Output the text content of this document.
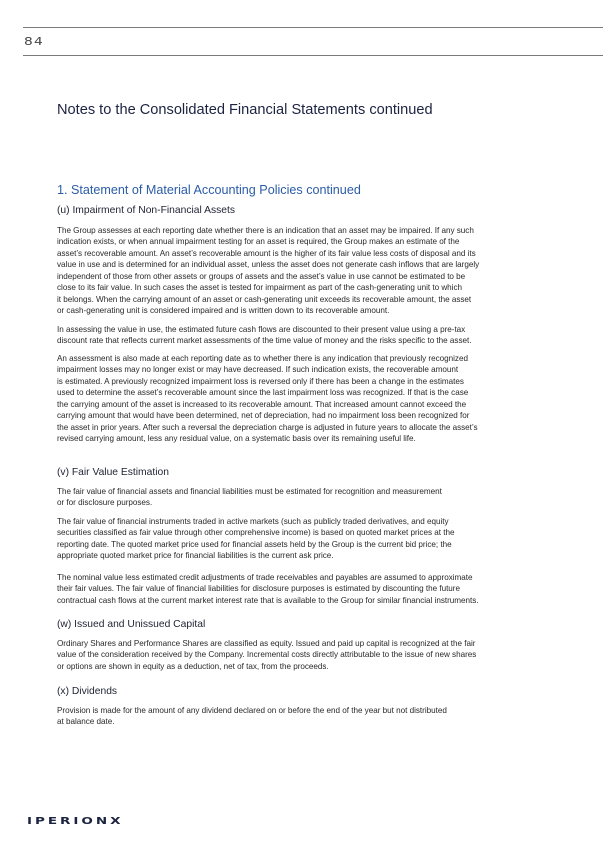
84
Notes to the Consolidated Financial Statements continued
1. Statement of Material Accounting Policies continued
(u) Impairment of Non-Financial Assets
The Group assesses at each reporting date whether there is an indication that an asset may be impaired. If any such
indication exists, or when annual impairment testing for an asset is required, the Group makes an estimate of the
asset’s recoverable amount. An asset’s recoverable amount is the higher of its fair value less costs of disposal and its
value in use and is determined for an individual asset, unless the asset does not generate cash inflows that are largely
independent of those from other assets or groups of assets and the asset’s value in use cannot be estimated to be
close to its fair value. In such cases the asset is tested for impairment as part of the cash-generating unit to which
it belongs. When the carrying amount of an asset or cash-generating unit exceeds its recoverable amount, the asset
or cash-generating unit is considered impaired and is written down to its recoverable amount.
In assessing the value in use, the estimated future cash flows are discounted to their present value using a pre-tax
discount rate that reflects current market assessments of the time value of money and the risks specific to the asset.
An assessment is also made at each reporting date as to whether there is any indication that previously recognized
impairment losses may no longer exist or may have decreased. If such indication exists, the recoverable amount
is estimated. A previously recognized impairment loss is reversed only if there has been a change in the estimates
used to determine the asset’s recoverable amount since the last impairment loss was recognized. If that is the case
the carrying amount of the asset is increased to its recoverable amount. That increased amount cannot exceed the
carrying amount that would have been determined, net of depreciation, had no impairment loss been recognized for
the asset in prior years. After such a reversal the depreciation charge is adjusted in future years to allocate the asset’s
revised carrying amount, less any residual value, on a systematic basis over its remaining useful life.
(v) Fair Value Estimation
The fair value of financial assets and financial liabilities must be estimated for recognition and measurement
or for disclosure purposes.
The fair value of financial instruments traded in active markets (such as publicly traded derivatives, and equity
securities classified as fair value through other comprehensive income) is based on quoted market prices at the
reporting date. The quoted market price used for financial assets held by the Group is the current bid price; the
appropriate quoted market price for financial liabilities is the current ask price.
The nominal value less estimated credit adjustments of trade receivables and payables are assumed to approximate
their fair values. The fair value of financial liabilities for disclosure purposes is estimated by discounting the future
contractual cash flows at the current market interest rate that is available to the Group for similar financial instruments.
(w) Issued and Unissued Capital
Ordinary Shares and Performance Shares are classified as equity. Issued and paid up capital is recognized at the fair
value of the consideration received by the Company. Incremental costs directly attributable to the issue of new shares
or options are shown in equity as a deduction, net of tax, from the proceeds.
(x) Dividends
Provision is made for the amount of any dividend declared on or before the end of the year but not distributed
at balance date.
IPERIONX
